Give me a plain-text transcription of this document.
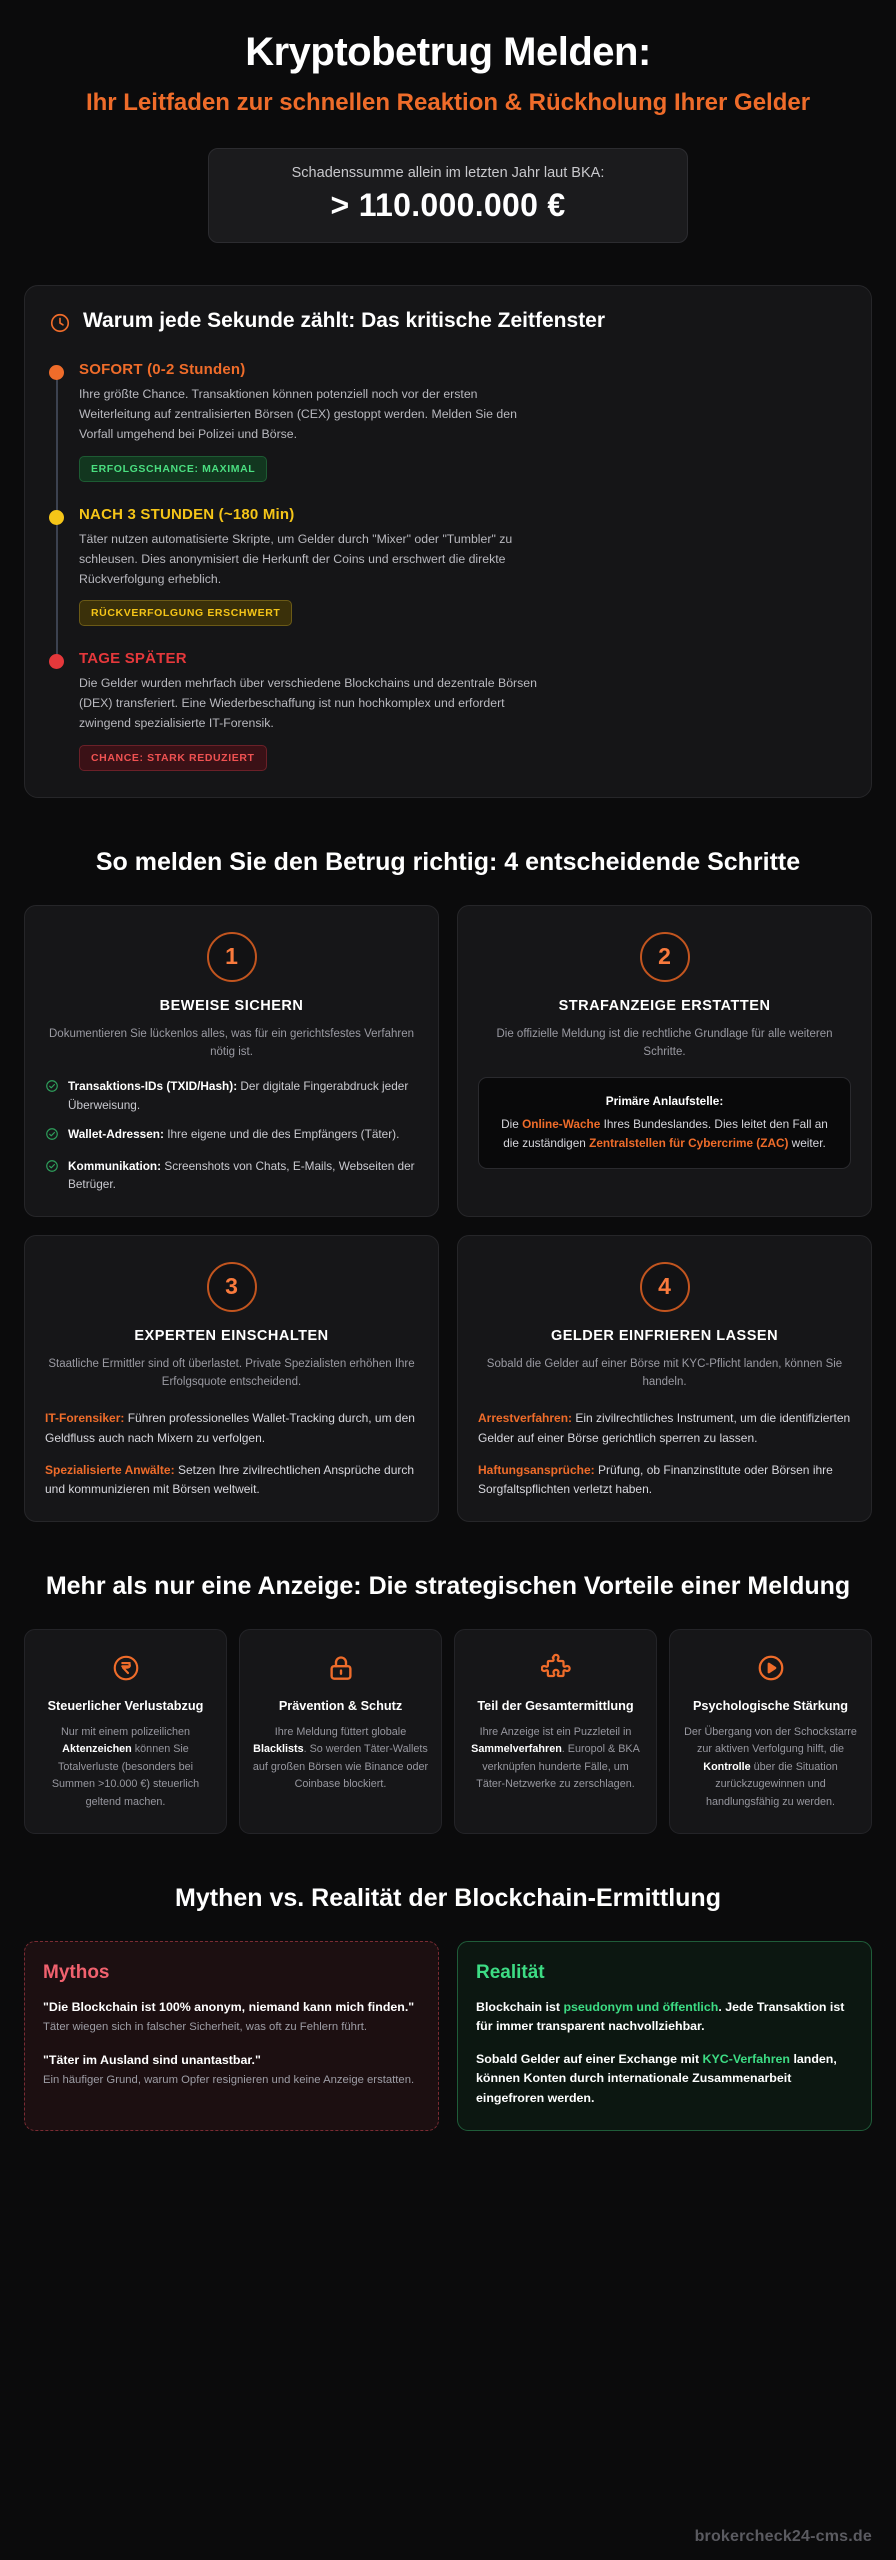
Kryptobetrug Melden:
Ihr Leitfaden zur schnellen Reaktion & Rückholung Ihrer Gelder
Schadenssumme allein im letzten Jahr laut BKA:
> 110.000.000 €
Warum jede Sekunde zählt: Das kritische Zeitfenster
SOFORT (0-2 Stunden)
Ihre größte Chance. Transaktionen können potenziell noch vor der ersten Weiterleitung auf zentralisierten Börsen (CEX) gestoppt werden. Melden Sie den Vorfall umgehend bei Polizei und Börse.
ERFOLGSCHANCE: MAXIMAL
NACH 3 STUNDEN (~180 Min)
Täter nutzen automatisierte Skripte, um Gelder durch "Mixer" oder "Tumbler" zu schleusen. Dies anonymisiert die Herkunft der Coins und erschwert die direkte Rückverfolgung erheblich.
RÜCKVERFOLGUNG ERSCHWERT
TAGE SPÄTER
Die Gelder wurden mehrfach über verschiedene Blockchains und dezentrale Börsen (DEX) transferiert. Eine Wiederbeschaffung ist nun hochkomplex und erfordert zwingend spezialisierte IT-Forensik.
CHANCE: STARK REDUZIERT
So melden Sie den Betrug richtig: 4 entscheidende Schritte
1
BEWEISE SICHERN
Dokumentieren Sie lückenlos alles, was für ein gerichtsfestes Verfahren nötig ist.
Transaktions-IDs (TXID/Hash): Der digitale Fingerabdruck jeder Überweisung.
Wallet-Adressen: Ihre eigene und die des Empfängers (Täter).
Kommunikation: Screenshots von Chats, E-Mails, Webseiten der Betrüger.
2
STRAFANZEIGE ERSTATTEN
Die offizielle Meldung ist die rechtliche Grundlage für alle weiteren Schritte.
Primäre Anlaufstelle:
Die Online-Wache Ihres Bundeslandes. Dies leitet den Fall an die zuständigen Zentralstellen für Cybercrime (ZAC) weiter.
3
EXPERTEN EINSCHALTEN
Staatliche Ermittler sind oft überlastet. Private Spezialisten erhöhen Ihre Erfolgsquote entscheidend.
IT-Forensiker: Führen professionelles Wallet-Tracking durch, um den Geldfluss auch nach Mixern zu verfolgen.
Spezialisierte Anwälte: Setzen Ihre zivilrechtlichen Ansprüche durch und kommunizieren mit Börsen weltweit.
4
GELDER EINFRIEREN LASSEN
Sobald die Gelder auf einer Börse mit KYC-Pflicht landen, können Sie handeln.
Arrestverfahren: Ein zivilrechtliches Instrument, um die identifizierten Gelder auf einer Börse gerichtlich sperren zu lassen.
Haftungsansprüche: Prüfung, ob Finanzinstitute oder Börsen ihre Sorgfaltspflichten verletzt haben.
Mehr als nur eine Anzeige: Die strategischen Vorteile einer Meldung
Steuerlicher Verlustabzug
Nur mit einem polizeilichen Aktenzeichen können Sie Totalverluste (besonders bei Summen >10.000 €) steuerlich geltend machen.
Prävention & Schutz
Ihre Meldung füttert globale Blacklists. So werden Täter-Wallets auf großen Börsen wie Binance oder Coinbase blockiert.
Teil der Gesamtermittlung
Ihre Anzeige ist ein Puzzleteil in Sammelverfahren. Europol & BKA verknüpfen hunderte Fälle, um Täter-Netzwerke zu zerschlagen.
Psychologische Stärkung
Der Übergang von der Schockstarre zur aktiven Verfolgung hilft, die Kontrolle über die Situation zurückzugewinnen und handlungsfähig zu werden.
Mythen vs. Realität der Blockchain-Ermittlung
Mythos
"Die Blockchain ist 100% anonym, niemand kann mich finden."
Täter wiegen sich in falscher Sicherheit, was oft zu Fehlern führt.
"Täter im Ausland sind unantastbar."
Ein häufiger Grund, warum Opfer resignieren und keine Anzeige erstatten.
Realität
Blockchain ist pseudonym und öffentlich. Jede Transaktion ist für immer transparent nachvollziehbar.
Sobald Gelder auf einer Exchange mit KYC-Verfahren landen, können Konten durch internationale Zusammenarbeit eingefroren werden.
brokercheck24-cms.de
